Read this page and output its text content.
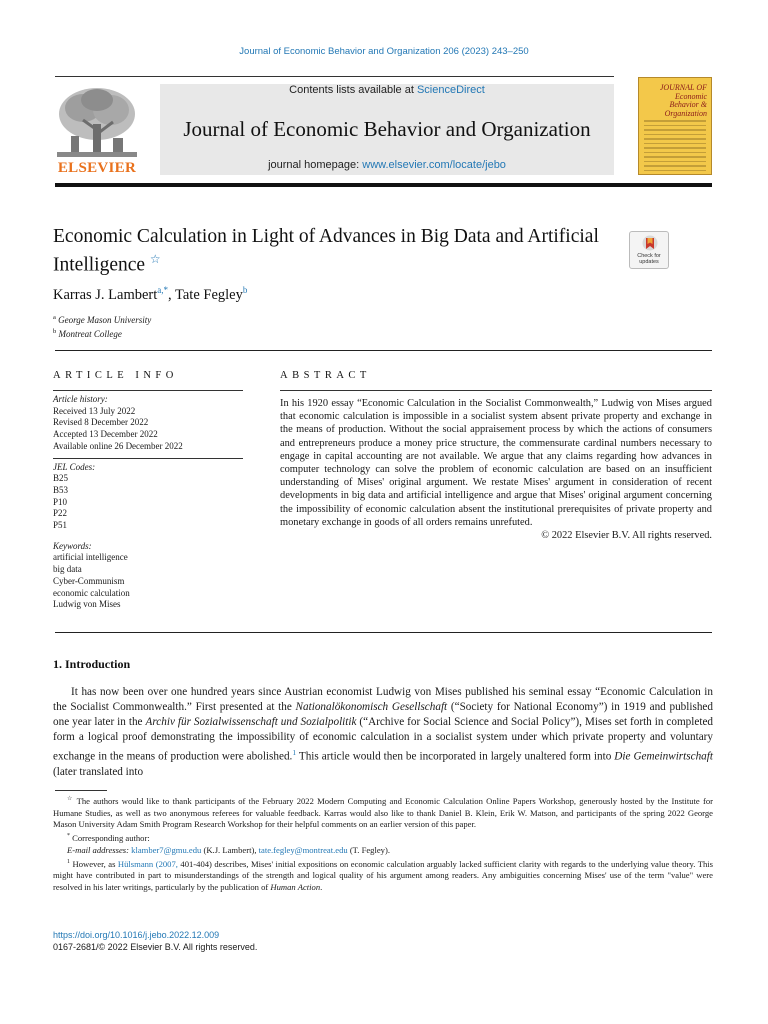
Journal of Economic Behavior and Organization 206 (2023) 243–250
ELSEVIER
Contents lists available at ScienceDirect
Journal of Economic Behavior and Organization
journal homepage: www.elsevier.com/locate/jebo
JOURNAL OF Economic Behavior & Organization
Economic Calculation in Light of Advances in Big Data and Artificial Intelligence ☆	Check for updates
Karras J. Lambert$^{a,*}$, Tate Fegley$^b$
$^a$ George Mason University
$^b$ Montreat College
ARTICLE INFO	ABSTRACT
Article history:
Received 13 July 2022
Revised 8 December 2022
Accepted 13 December 2022
Available online 26 December 2022
JEL Codes:
B25
B53
P10
P22
P51
Keywords:
artificial intelligence
big data
Cyber-Communism
economic calculation
Ludwig von Mises
In his 1920 essay “Economic Calculation in the Socialist Commonwealth,” Ludwig von Mises argued that economic calculation is impossible in a socialist system absent private property and exchange in the means of production. Without the social appraisement process by which the actions of consumers and entrepreneurs produce a money price structure, the commensurate cardinal numbers necessary to engage in capital accounting are not available. We argue that any claims regarding how advances in computer technology can solve the problem of economic calculation are based on an insufficient understanding of Mises' original argument. We restate Mises' argument in consideration of recent developments in big data and artificial intelligence and argue that Mises' original argument concerning the impossibility of economic calculation absent the institutional prerequisites of private property and monetary exchange in goods of all orders remains unrefuted.
© 2022 Elsevier B.V. All rights reserved.
1. Introduction
It has now been over one hundred years since Austrian economist Ludwig von Mises published his seminal essay “Economic Calculation in the Socialist Commonwealth.” First presented at the Nationalökonomisch Gesellschaft (“Society for National Economy”) in 1919 and published one year later in the Archiv für Sozialwissenschaft und Sozialpolitik (“Archive for Social Science and Social Policy”), Mises set forth in completed form a logical proof demonstrating the impossibility of economic calculation in a socialist system under which private property and voluntary exchange in the means of production were abolished.$^1$ This article would then be incorporated in largely unaltered form into Die Gemeinwirtschaft (later translated into

☆ The authors would like to thank participants of the February 2022 Modern Computing and Economic Calculation Online Papers Workshop, generously hosted by the Institute for Humane Studies, as well as two anonymous referees for valuable feedback. Karras would also like to thank Daniel B. Klein, Erik W. Matson, and participants of the spring 2022 George Mason University Adam Smith Program Research Workshop for their helpful comments on an earlier version of this paper.

* Corresponding author:

E-mail addresses: klamber7@gmu.edu (K.J. Lambert), tate.fegley@montreat.edu (T. Fegley).

$^1$ However, as Hülsmann (2007, 401-404) describes, Mises' initial expositions on economic calculation arguably lacked sufficient clarity with regards to the underlying value theory. This might have contributed in part to misunderstandings of the strength and logical quality of his argument among readers. Any ambiguities concerning Mises' use of the term "value" were resolved in his later writings, particularly by the publication of Human Action.

https://doi.org/10.1016/j.jebo.2022.12.009
0167-2681/© 2022 Elsevier B.V. All rights reserved.
